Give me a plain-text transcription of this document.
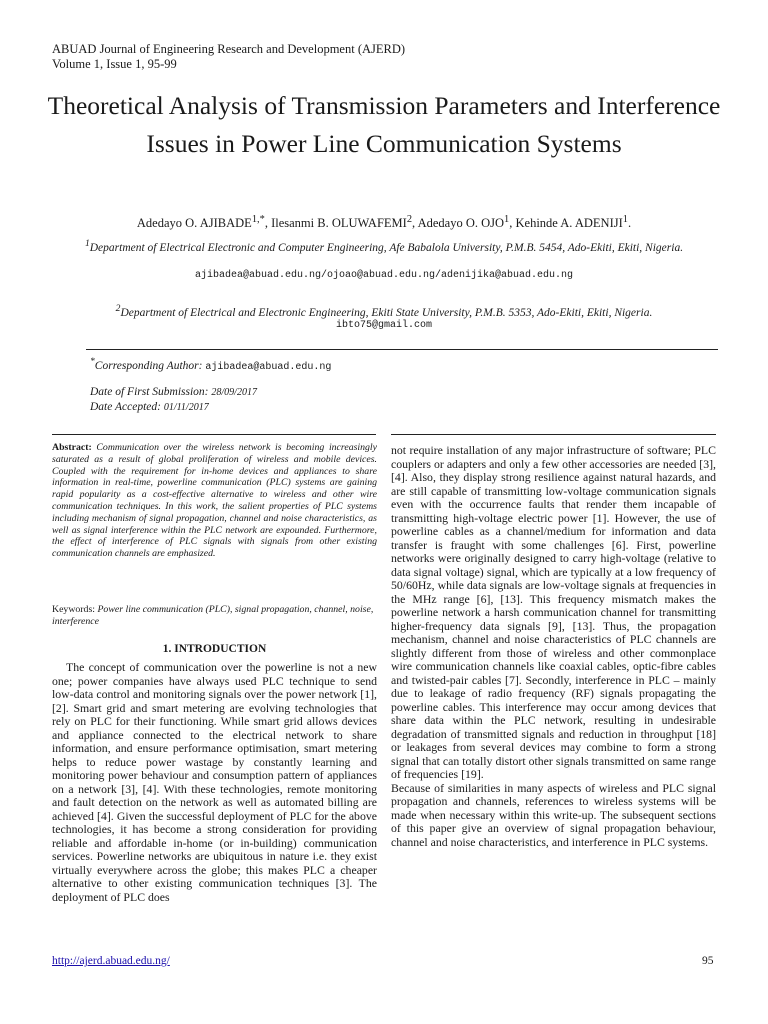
ABUAD Journal of Engineering Research and Development (AJERD)
Volume 1, Issue 1, 95-99
Theoretical Analysis of Transmission Parameters and Interference Issues in Power Line Communication Systems
Adedayo O. $AJIBADE^{1,*}$, Ilesanmi B. OLUWAFEMI$^2$, Adedayo O. OJO$^1$, Kehinde A. ADENIJI$^1$.
$^1$Department of Electrical Electronic and Computer Engineering, Afe Babalola University, P.M.B. 5454, Ado-Ekiti, Ekiti, Nigeria.
ajibadea@abuad.edu.ng/ojoao@abuad.edu.ng/adenijika@abuad.edu.ng
$^2$Department of Electrical and Electronic Engineering, Ekiti State University, P.M.B. 5353, Ado-Ekiti, Ekiti, Nigeria.
ibto75@gmail.com
*Corresponding Author: ajibadea@abuad.edu.ng
Date of First Submission: 28/09/2017
Date Accepted: 01/11/2017
Abstract: Communication over the wireless network is becoming increasingly saturated as a result of global proliferation of wireless and mobile devices. Coupled with the requirement for in-home devices and appliances to share information in real-time, powerline communication (PLC) systems are gaining rapid popularity as a cost-effective alternative to wireless and other wire communication techniques. In this work, the salient properties of PLC systems including mechanism of signal propagation, channel and noise characteristics, as well as signal interference within the PLC network are expounded. Furthermore, the effect of interference of PLC signals with signals from other existing communication channels are emphasized.
Keywords: Power line communication (PLC), signal propagation, channel, noise, interference
1. INTRODUCTION

The concept of communication over the powerline is not a new one; power companies have always used PLC technique to send low-data control and monitoring signals over the power network [1], [2]. Smart grid and smart metering are evolving technologies that rely on PLC for their functioning. While smart grid allows devices and appliance connected to the electrical network to share information, and ensure performance optimisation, smart metering helps to reduce power wastage by constantly learning and monitoring power behaviour and consumption pattern of appliances on a network [3], [4]. With these technologies, remote monitoring and fault detection on the network as well as automated billing are achieved [4]. Given the successful deployment of PLC for the above technologies, it has become a strong consideration for providing reliable and affordable in-home (or in-building) communication services. Powerline networks are ubiquitous in nature i.e. they exist virtually everywhere across the globe; this makes PLC a cheaper alternative to other existing communication techniques [3]. The deployment of PLC does

not require installation of any major infrastructure of software; PLC couplers or adapters and only a few other accessories are needed [3], [4]. Also, they display strong resilience against natural hazards, and are still capable of transmitting low-voltage communication signals even with the occurrence faults that render them incapable of transmitting high-voltage electric power [1]. However, the use of powerline cables as a channel/medium for information and data transfer is fraught with some challenges [6]. First, powerline networks were originally designed to carry high-voltage (relative to data signal voltage) signal, which are typically at a low frequency of 50/60Hz, while data signals are low-voltage signals at frequencies in the MHz range [6], [13]. This frequency mismatch makes the powerline network a harsh communication channel for transmitting higher-frequency data signals [9], [13]. Thus, the propagation mechanism, channel and noise characteristics of PLC channels are slightly different from those of wireless and other commonplace wire communication channels like coaxial cables, optic-fibre cables and twisted-pair cables [7]. Secondly, interference in PLC – mainly due to leakage of radio frequency (RF) signals propagating the powerline cables. This interference may occur among devices that share data within the PLC network, resulting in undesirable degradation of transmitted signals and reduction in throughput [18] or leakages from several devices may combine to form a strong signal that can totally distort other signals transmitted on same range of frequencies [19].

Because of similarities in many aspects of wireless and PLC signal propagation and channels, references to wireless systems will be made when necessary within this write-up. The subsequent sections of this paper give an overview of signal propagation behaviour, channel and noise characteristics, and interference in PLC systems.

http://ajerd.abuad.edu.ng/	95
